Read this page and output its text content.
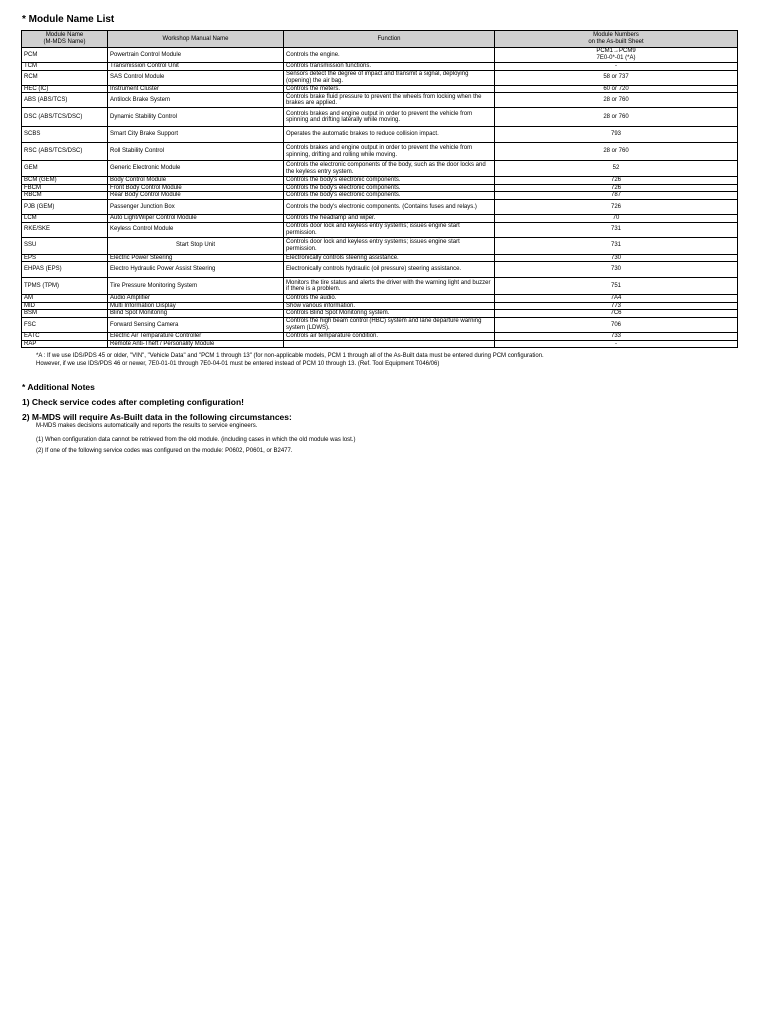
* Module Name List
Module Name
(M-MDS Name)	Workshop Manual Name	Function	Module Numbers
on the As-built Sheet
PCM	Powertrain Control Module	Controls the engine.	PCM1→PCM9
7E0-0*-01 (*A)
TCM	Transmission Control Unit	Controls transmission functions.	-
RCM	SAS Control Module	Sensors detect the degree of impact and transmit a signal, deploying (opening) the air bag.	58 or 737
HEC (IC)	Instrument Cluster	Controls the meters.	60 or 720
ABS (ABS/TCS)	Antilock Brake System	Controls brake fluid pressure to prevent the wheels from locking when the brakes are applied.	28 or 760
DSC (ABS/TCS/DSC)	Dynamic Stability Control	Controls brakes and engine output in order to prevent the vehicle from spinning and drifting laterally while moving.	28 or 760
SCBS	Smart City Brake Support	Operates the automatic brakes to reduce collision impact.	793
RSC (ABS/TCS/DSC)	Roll Stability Control	Controls brakes and engine output in order to prevent the vehicle from spinning, drifting and rolling while moving.	28 or 760
GEM	Generic Electronic Module	Controls the electronic components of the body, such as the door locks and the keyless entry system.	52
BCM (GEM)	Body Control Module	Controls the body's electronic components.	726
FBCM	Front Body Control Module	Controls the body's electronic components.	726
RBCM	Rear Body Control Module	Controls the body's electronic components.	787
PJB (GEM)	Passenger Junction Box	Controls the body's electronic components. (Contains fuses and relays.)	726
LCM	Auto Light/Wiper Control Module	Controls the headlamp and wiper.	70
RKE/SKE	Keyless Control Module	Controls door lock and keyless entry systems; issues engine start permission.	731
SSU	Start Stop Unit	Controls door lock and keyless entry systems; issues engine start permission.	731
EPS	Electric Power Steering	Electronically controls steering assistance.	730
EHPAS (EPS)	Electro Hydraulic Power Assist Steering	Electronically controls hydraulic (oil pressure) steering assistance.	730
TPMS (TPM)	Tire Pressure Monitoring System	Monitors the tire status and alerts the driver with the warning light and buzzer if there is a problem.	751
AM	Audio Amplifier	Controls the audio.	7A4
MID	Multi Information Display	Show various information.	773
BSM	Blind Spot Monitoring	Controls Blind Spot Monitoring system.	7C6
FSC	Forward Sensing Camera	Controls the high beam control (HBC) system and lane departure warning system (LDWS).	706
EATC	Electric Air Temparature Controller	Controls air temparature condition.	733
RAP	Remote Anti-Theft / Personality Module		-
*A : If we use IDS/PDS 45 or older, "VIN", "Vehicle Data" and "PCM 1 through 13" (for non-applicable models, PCM 1 through all of the As-Built data must be entered during PCM configuration.
However, if we use IDS/PDS 46 or newer, 7E0-01-01 through 7E0-04-01 must be entered instead of PCM 10 through 13. (Ref. Tool Equipment T046/06)
* Additional Notes
1) Check service codes after completing configuration!
2) M-MDS will require As-Built data in the following circumstances:
M-MDS makes decisions automatically and reports the results to service engineers.
(1) When configuration data cannot be retrieved from the old module. (including cases in which the old module was lost.)
(2) If one of the following service codes was configured on the module: P0602, P0601, or B2477.
